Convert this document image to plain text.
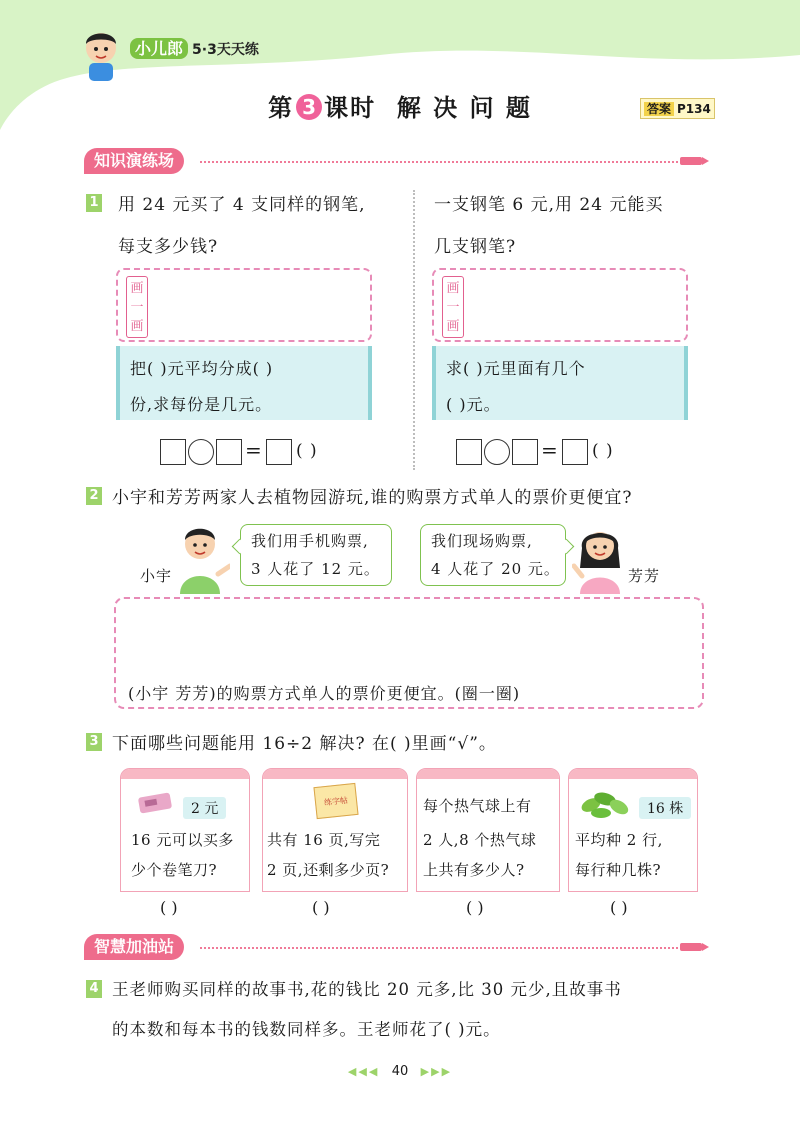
小儿郎 5·3天天练
第 3 课时  解 决 问 题	答案 P134
知识演练场
1 用 24 元买了 4 支同样的钢笔,
每支多少钱?
画
一
画
把( )元平均分成( )
份,求每份是几元。
= ( )
一支钢笔 6 元,用 24 元能买
几支钢笔?
画
一
画
求( )元里面有几个
( )元。
= ( )
2 小宇和芳芳两家人去植物园游玩,谁的购票方式单人的票价更便宜?
小宇
我们用手机购票,
3 人花了 12 元。
我们现场购票,
4 人花了 20 元。	芳芳
(小宇 芳芳)的购票方式单人的票价更便宜。(圈一圈)
3 下面哪些问题能用 16÷2 解决? 在( )里画“√”。
2 元
16 元可以买多
少个卷笔刀?
( )
练字帖
共有 16 页,写完
2 页,还剩多少页?
( )
每个热气球上有
2 人,8 个热气球
上共有多少人?
( )
16 株
平均种 2 行,
每行种几株?
( )
智慧加油站
4 王老师购买同样的故事书,花的钱比 20 元多,比 30 元少,且故事书
的本数和每本书的钱数同样多。王老师花了( )元。
◀◀◀ 40 ▶▶▶
